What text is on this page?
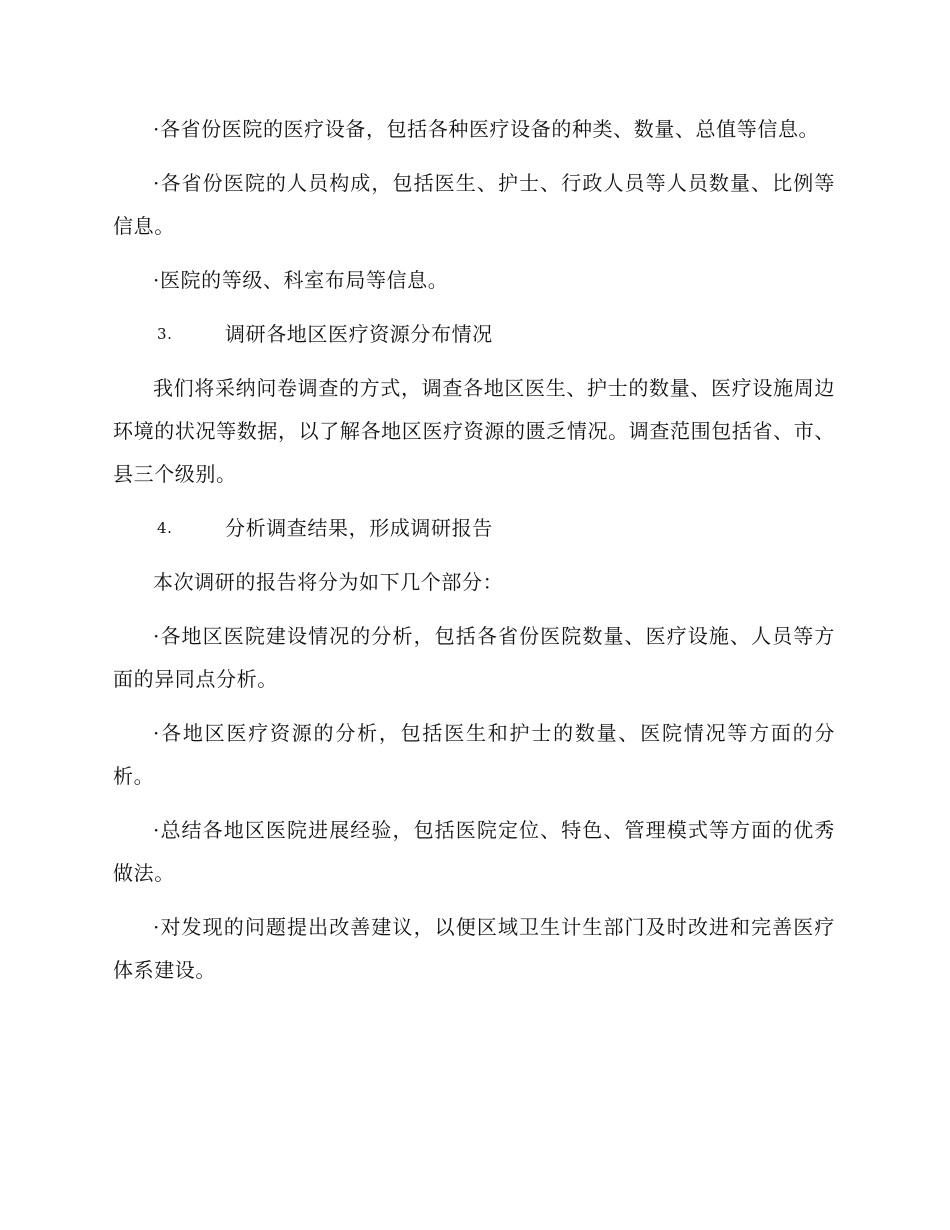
·各省份医院的医疗设备，包括各种医疗设备的种类、数量、总值等信息。

·各省份医院的人员构成，包括医生、护士、行政人员等人员数量、比例等信息。

·医院的等级、科室布局等信息。

3.	调研各地区医疗资源分布情况

我们将采纳问卷调查的方式，调查各地区医生、护士的数量、医疗设施周边环境的状况等数据，以了解各地区医疗资源的匮乏情况。调查范围包括省、市、县三个级别。

4.	分析调查结果，形成调研报告

本次调研的报告将分为如下几个部分：

·各地区医院建设情况的分析，包括各省份医院数量、医疗设施、人员等方面的异同点分析。

·各地区医疗资源的分析，包括医生和护士的数量、医院情况等方面的分析。

·总结各地区医院进展经验，包括医院定位、特色、管理模式等方面的优秀做法。

·对发现的问题提出改善建议，以便区域卫生计生部门及时改进和完善医疗体系建设。
